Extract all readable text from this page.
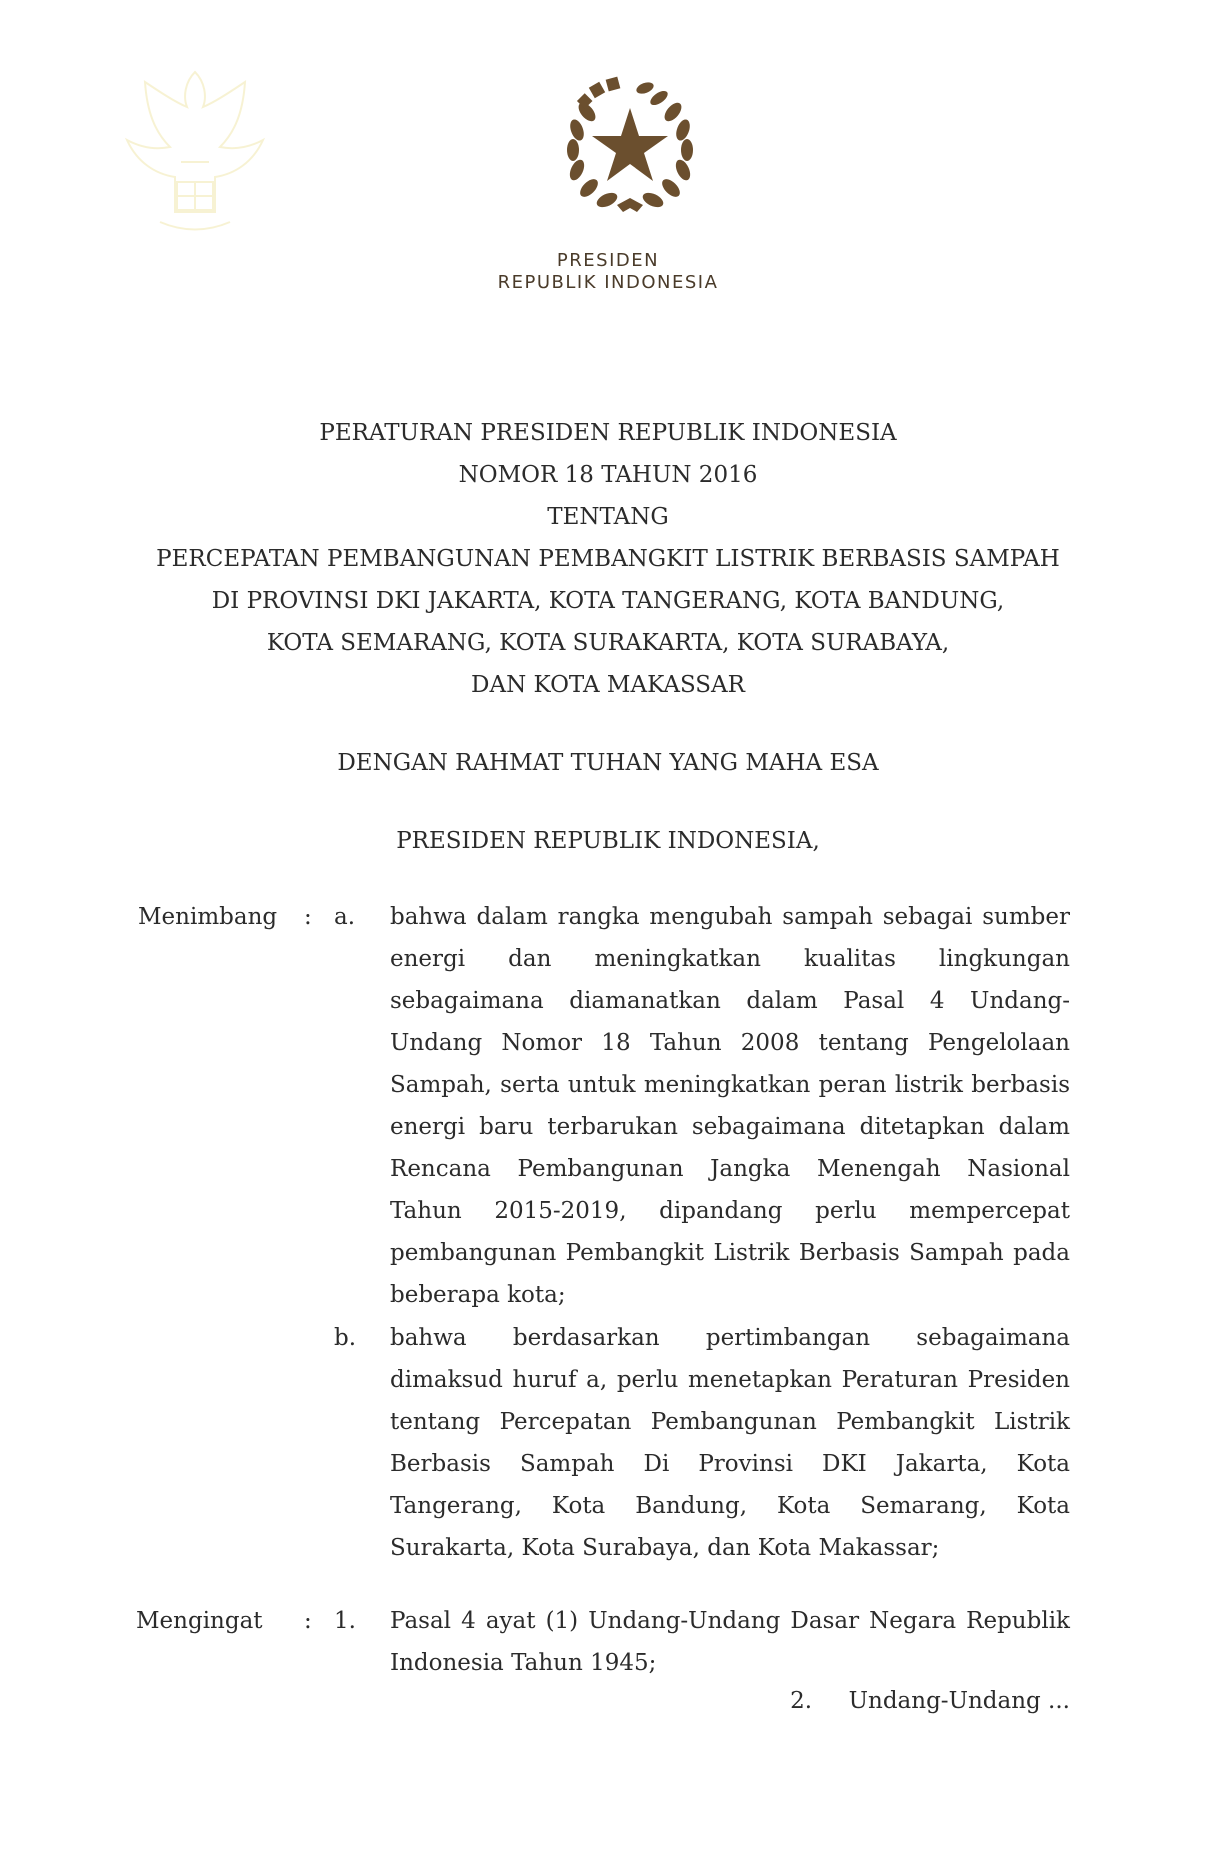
PRESIDEN
REPUBLIK INDONESIA
PERATURAN PRESIDEN REPUBLIK INDONESIA
NOMOR 18 TAHUN 2016
TENTANG
PERCEPATAN PEMBANGUNAN PEMBANGKIT LISTRIK BERBASIS SAMPAH
DI PROVINSI DKI JAKARTA, KOTA TANGERANG, KOTA BANDUNG,
KOTA SEMARANG, KOTA SURAKARTA, KOTA SURABAYA,
DAN KOTA MAKASSAR
DENGAN RAHMAT TUHAN YANG MAHA ESA
PRESIDEN REPUBLIK INDONESIA,
Menimbang : a. bahwa dalam rangka mengubah sampah sebagai sumber energi dan meningkatkan kualitas lingkungan sebagaimana diamanatkan dalam Pasal 4 Undang-Undang Nomor 18 Tahun 2008 tentang Pengelolaan Sampah, serta untuk meningkatkan peran listrik berbasis energi baru terbarukan sebagaimana ditetapkan dalam Rencana Pembangunan Jangka Menengah Nasional Tahun 2015-2019, dipandang perlu mempercepat pembangunan Pembangkit Listrik Berbasis Sampah pada beberapa kota;
b. bahwa berdasarkan pertimbangan sebagaimana dimaksud huruf a, perlu menetapkan Peraturan Presiden tentang Percepatan Pembangunan Pembangkit Listrik Berbasis Sampah Di Provinsi DKI Jakarta, Kota Tangerang, Kota Bandung, Kota Semarang, Kota Surakarta, Kota Surabaya, dan Kota Makassar;
Mengingat : 1. Pasal 4 ayat (1) Undang-Undang Dasar Negara Republik Indonesia Tahun 1945;
2. Undang-Undang ...
